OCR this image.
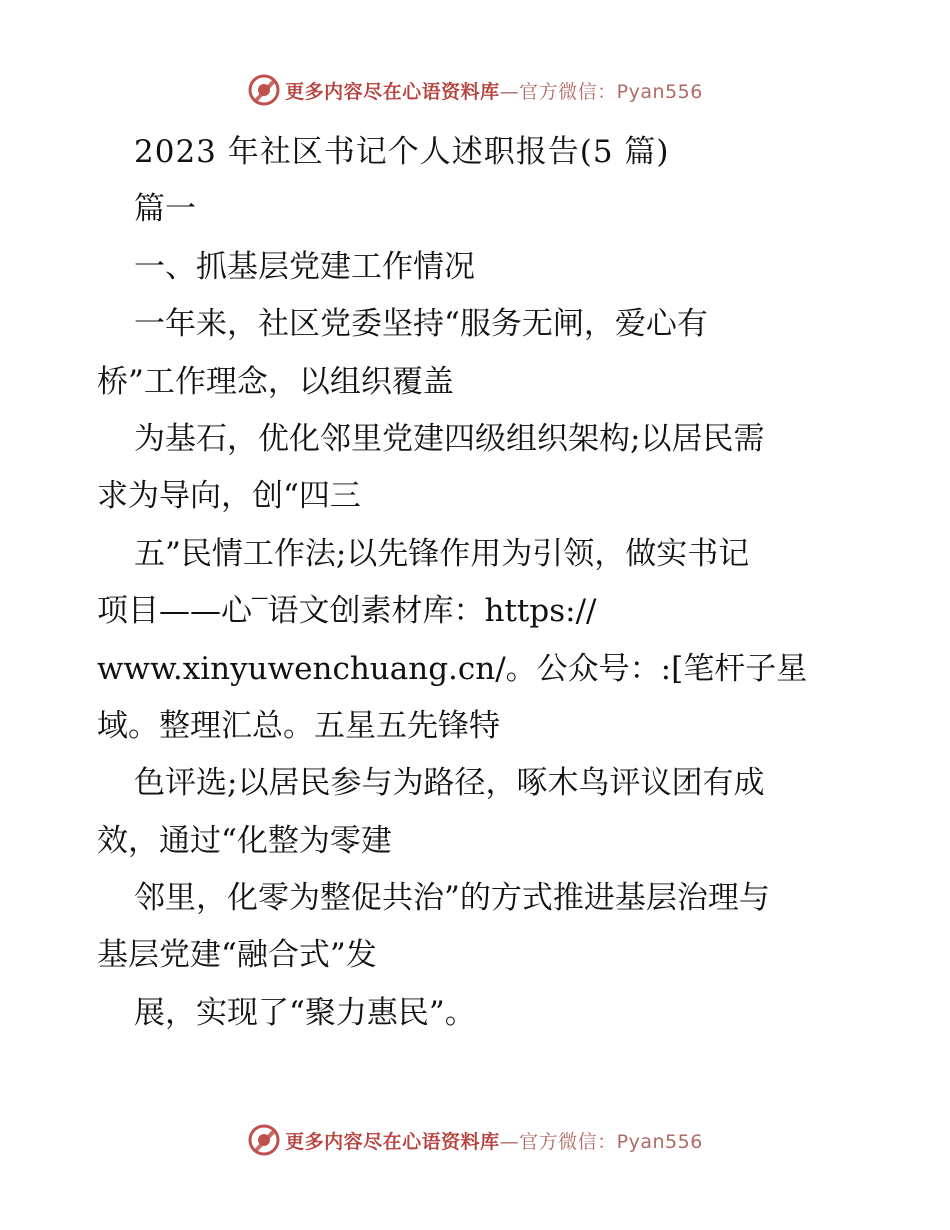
更多内容尽在心语资料库—官方微信：Pyan556
2023 年社区书记个人述职报告(5 篇)
篇一
一、抓基层党建工作情况
一年来，社区党委坚持“服务无闸，爱心有
桥”工作理念，以组织覆盖
为基石，优化邻里党建四级组织架构;以居民需
求为导向，创“四三
五”民情工作法;以先锋作用为引领，做实书记
项目——心‾语文创素材库：https://
www.xinyuwenchuang.cn/。公众号：:[笔杆子星
域。整理汇总。五星五先锋特
色评选;以居民参与为路径，啄木鸟评议团有成
效，通过“化整为零建
邻里，化零为整促共治”的方式推进基层治理与
基层党建“融合式”发
展，实现了“聚力惠民”。
更多内容尽在心语资料库—官方微信：Pyan556
